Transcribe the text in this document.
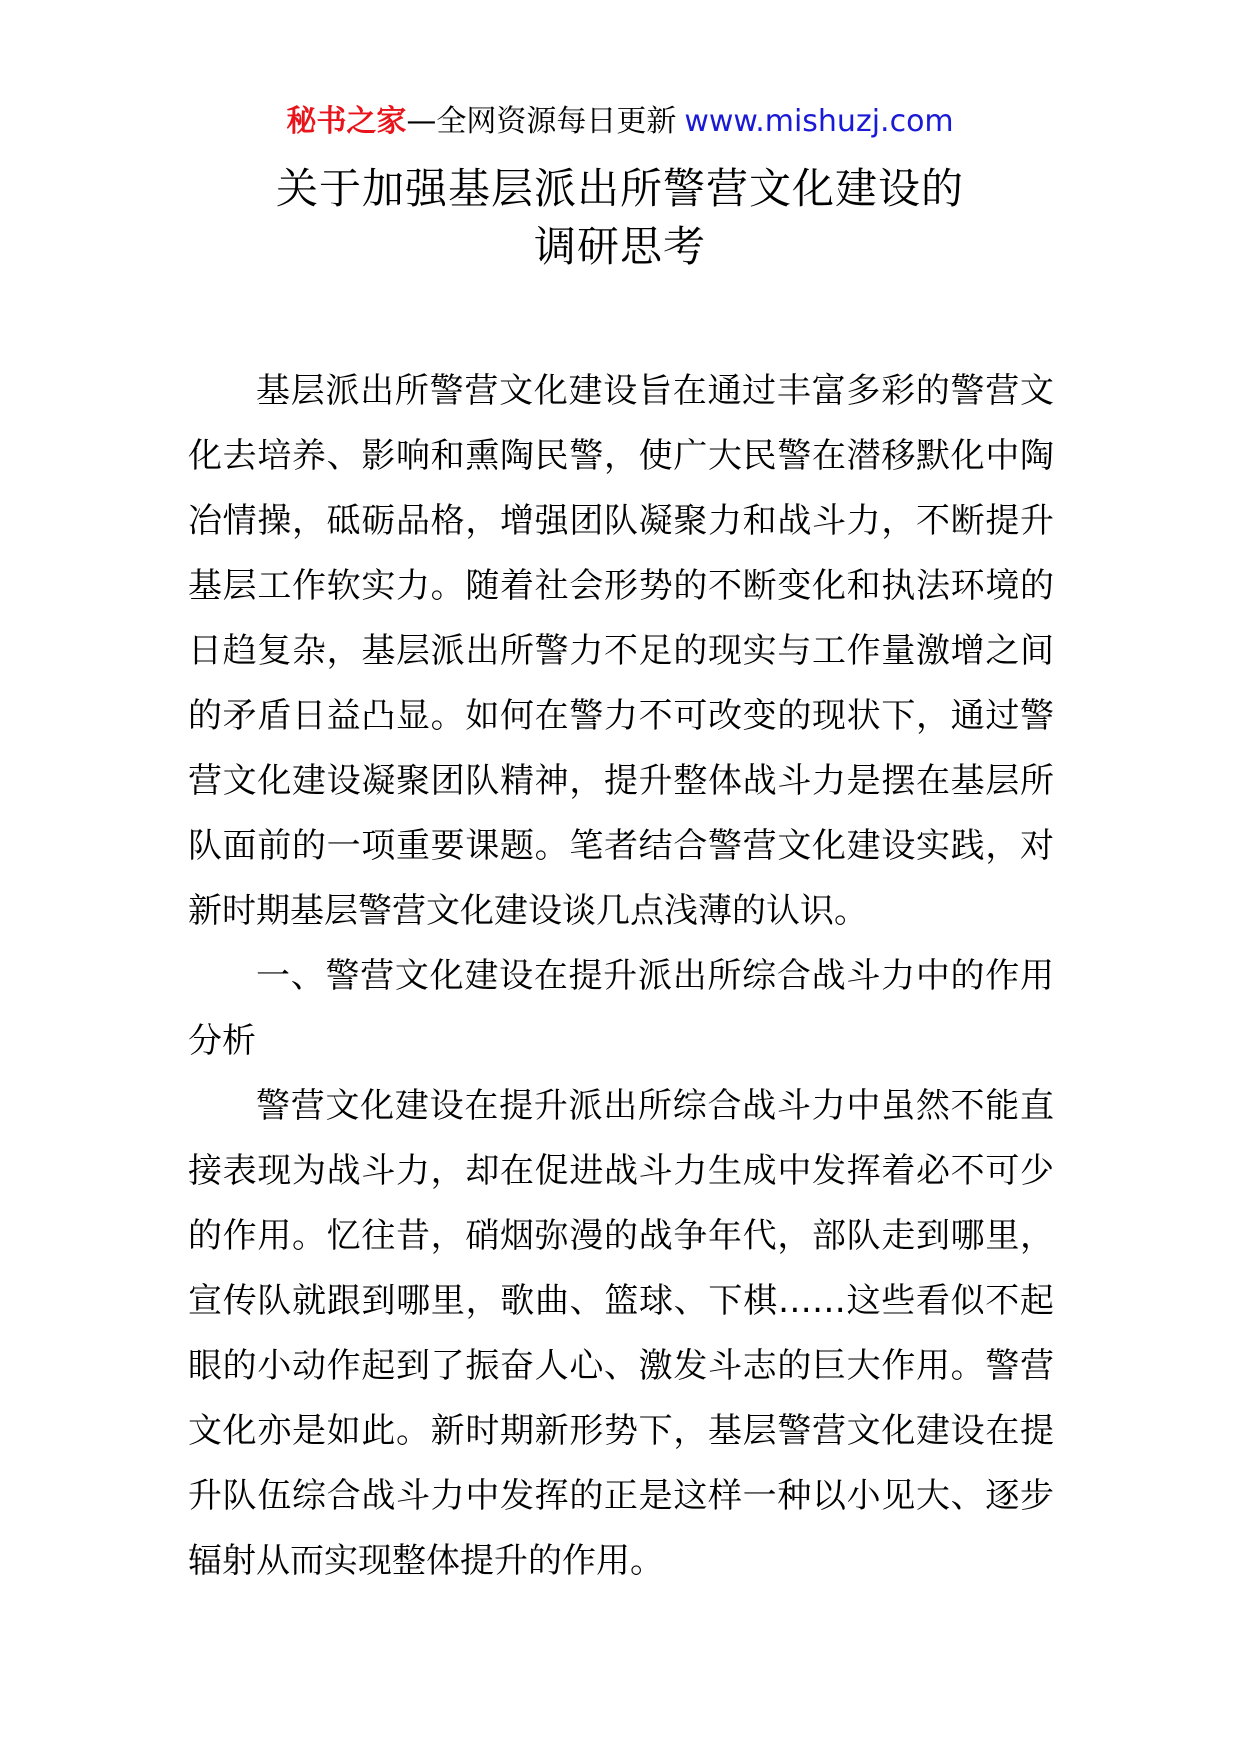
秘书之家—全网资源每日更新 www.mishuzj.com
关于加强基层派出所警营文化建设的
调研思考

基层派出所警营文化建设旨在通过丰富多彩的警营文化去培养、影响和熏陶民警，使广大民警在潜移默化中陶冶情操，砥砺品格，增强团队凝聚力和战斗力，不断提升基层工作软实力。随着社会形势的不断变化和执法环境的日趋复杂，基层派出所警力不足的现实与工作量激增之间的矛盾日益凸显。如何在警力不可改变的现状下，通过警营文化建设凝聚团队精神，提升整体战斗力是摆在基层所队面前的一项重要课题。笔者结合警营文化建设实践，对新时期基层警营文化建设谈几点浅薄的认识。

一、警营文化建设在提升派出所综合战斗力中的作用分析

警营文化建设在提升派出所综合战斗力中虽然不能直接表现为战斗力，却在促进战斗力生成中发挥着必不可少的作用。忆往昔，硝烟弥漫的战争年代，部队走到哪里，宣传队就跟到哪里，歌曲、篮球、下棋……这些看似不起眼的小动作起到了振奋人心、激发斗志的巨大作用。警营文化亦是如此。新时期新形势下，基层警营文化建设在提升队伍综合战斗力中发挥的正是这样一种以小见大、逐步辐射从而实现整体提升的作用。
